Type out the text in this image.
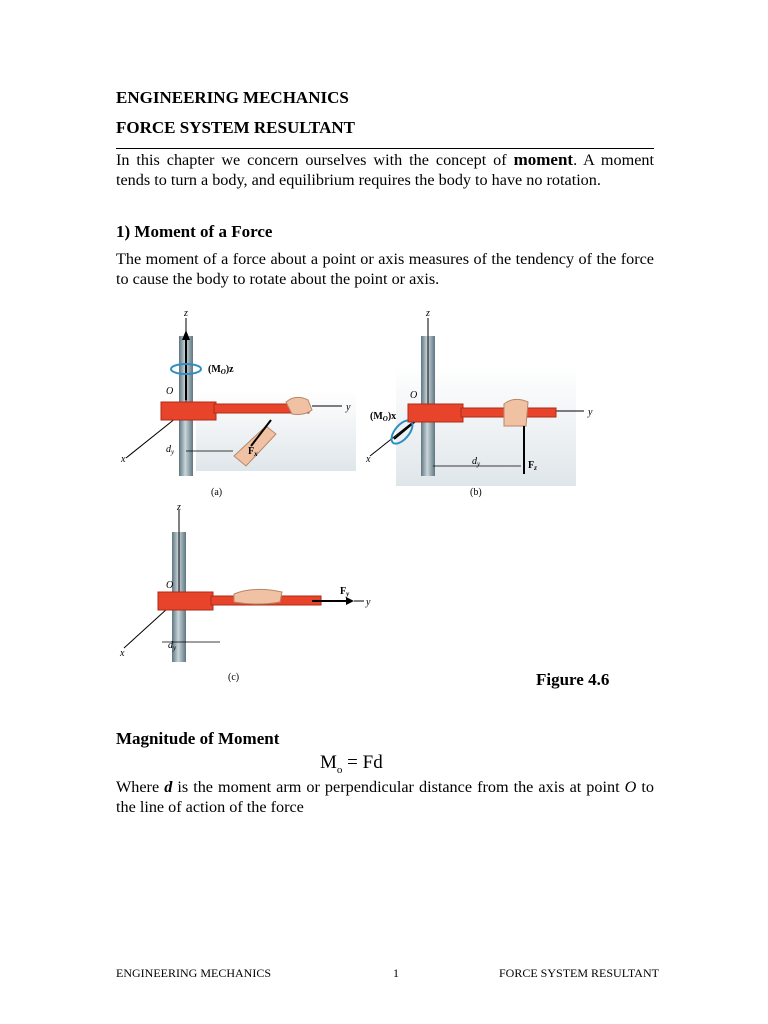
ENGINEERING MECHANICS
FORCE SYSTEM RESULTANT
In this chapter we concern ourselves with the concept of moment. A moment tends to turn a body, and equilibrium requires the body to have no rotation.
1) Moment of a Force
The moment of a force about a point or axis measures of the tendency of the force to cause the body to rotate about the point or axis.
z
y
x
O
$(M_O)z$
$d_y$	$F_x$
(a)
z
y
x
O
$(M_O)x$
$d_y$	$F_z$
(b)
z
y
x
O
$d_y$
$F_y$
(c)	Figure 4.6
Magnitude of Moment
$M_o = Fd$
Where d is the moment arm or perpendicular distance from the axis at point O to the line of action of the force
ENGINEERING MECHANICS	1	FORCE SYSTEM RESULTANT
